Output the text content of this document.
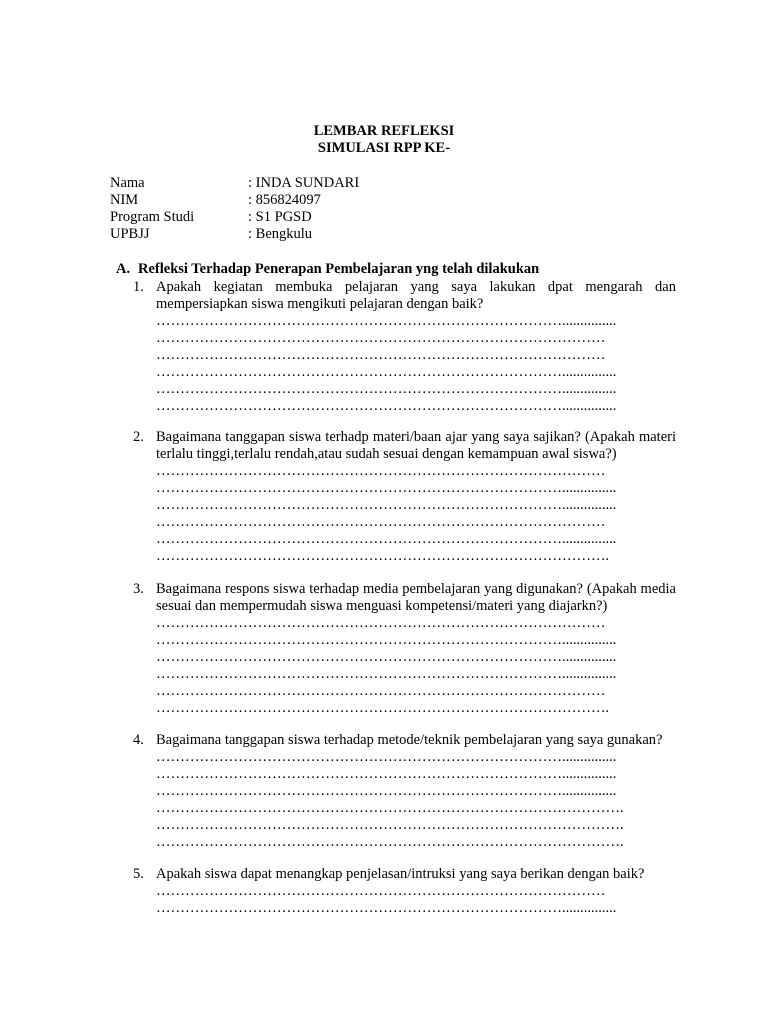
LEMBAR REFLEKSI
SIMULASI RPP KE-
Nama	: INDA SUNDARI
NIM	: 856824097
Program Studi	: S1 PGSD
UPBJJ	: Bengkulu
A. Refleksi Terhadap Penerapan Pembelajaran yng telah dilakukan
1. Apakah kegiatan membuka pelajaran yang saya lakukan dpat mengarah dan mempersiapkan siswa mengikuti pelajaran dengan baik?

…………………………………………………………………………...............
…………………………………………………………………………………
…………………………………………………………………………………
…………………………………………………………………………...............
…………………………………………………………………………...............
…………………………………………………………………………...............
2. Bagaimana tanggapan siswa terhadp materi/baan ajar yang saya sajikan? (Apakah materi terlalu tinggi,terlalu rendah,atau sudah sesuai dengan kemampuan awal siswa?)

…………………………………………………………………………………
…………………………………………………………………………...............
…………………………………………………………………………...............
…………………………………………………………………………………
…………………………………………………………………………...............
………………………………………………………………………………….
3. Bagaimana respons siswa terhadap media pembelajaran yang digunakan? (Apakah media sesuai dan mempermudah siswa menguasi kompetensi/materi yang diajarkn?)

…………………………………………………………………………………
…………………………………………………………………………...............
…………………………………………………………………………...............
…………………………………………………………………………...............
…………………………………………………………………………………
………………………………………………………………………………….
4. Bagaimana tanggapan siswa terhadap metode/teknik pembelajaran yang saya gunakan?

…………………………………………………………………………...............
…………………………………………………………………………...............
…………………………………………………………………………...............
…………………………………………………………………………………….
…………………………………………………………………………………….
…………………………………………………………………………………….
5. Apakah siswa dapat menangkap penjelasan/intruksi yang saya berikan dengan baik?

…………………………………………………………………………………
…………………………………………………………………………...............
